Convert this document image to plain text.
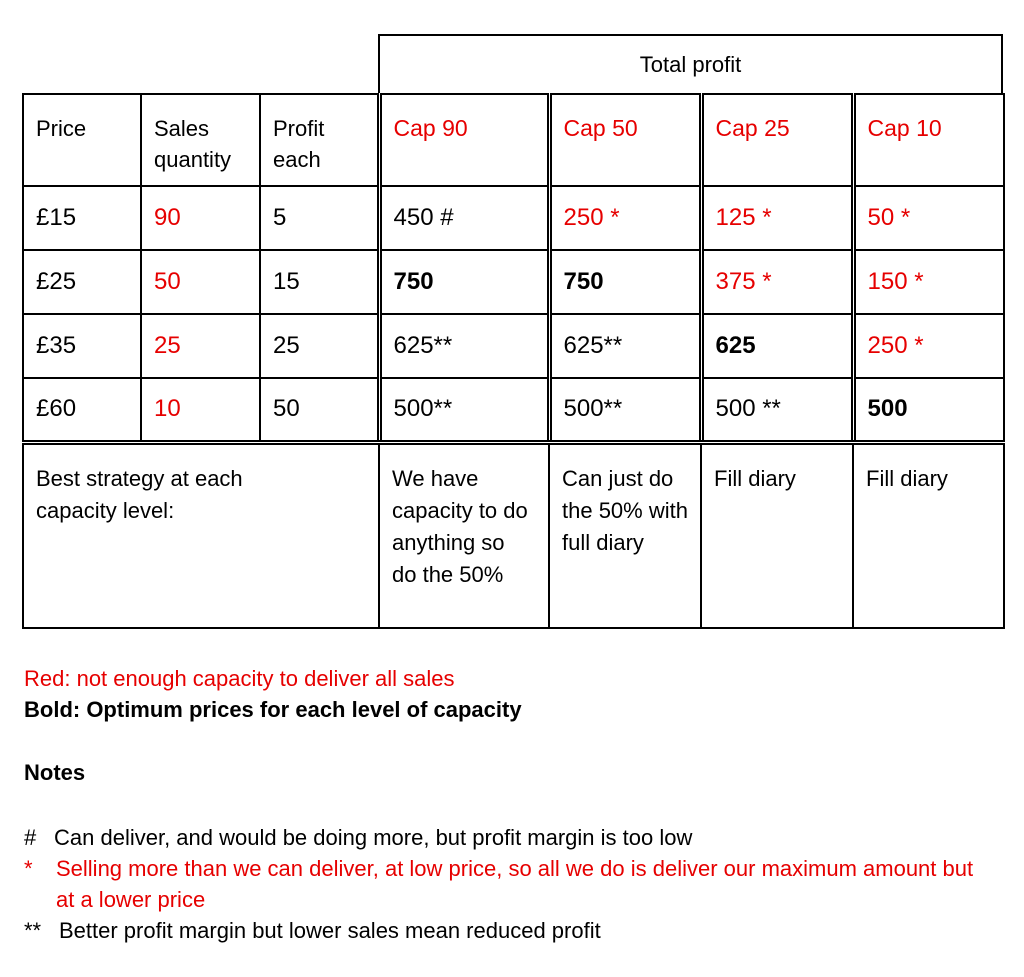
Total profit
Price	Sales quantity	Profit each	Cap 90	Cap 50	Cap 25	Cap 10
£15	90	5	450 #	250 *	125 *	50 *
£25	50	15	750	750	375 *	150 *
£35	25	25	625**	625**	625	250 *
£60	10	50	500**	500**	500 **	500
Best strategy at each capacity level:			We have capacity to do anything so do the 50%	Can just do the 50% with full diary	Fill diary	Fill diary
Red: not enough capacity to deliver all sales
Bold: Optimum prices for each level of capacity
Notes
# Can deliver, and would be doing more, but profit margin is too low
*	Selling more than we can deliver, at low price, so all we do is deliver our maximum amount but at a lower price
** Better profit margin but lower sales mean reduced profit
